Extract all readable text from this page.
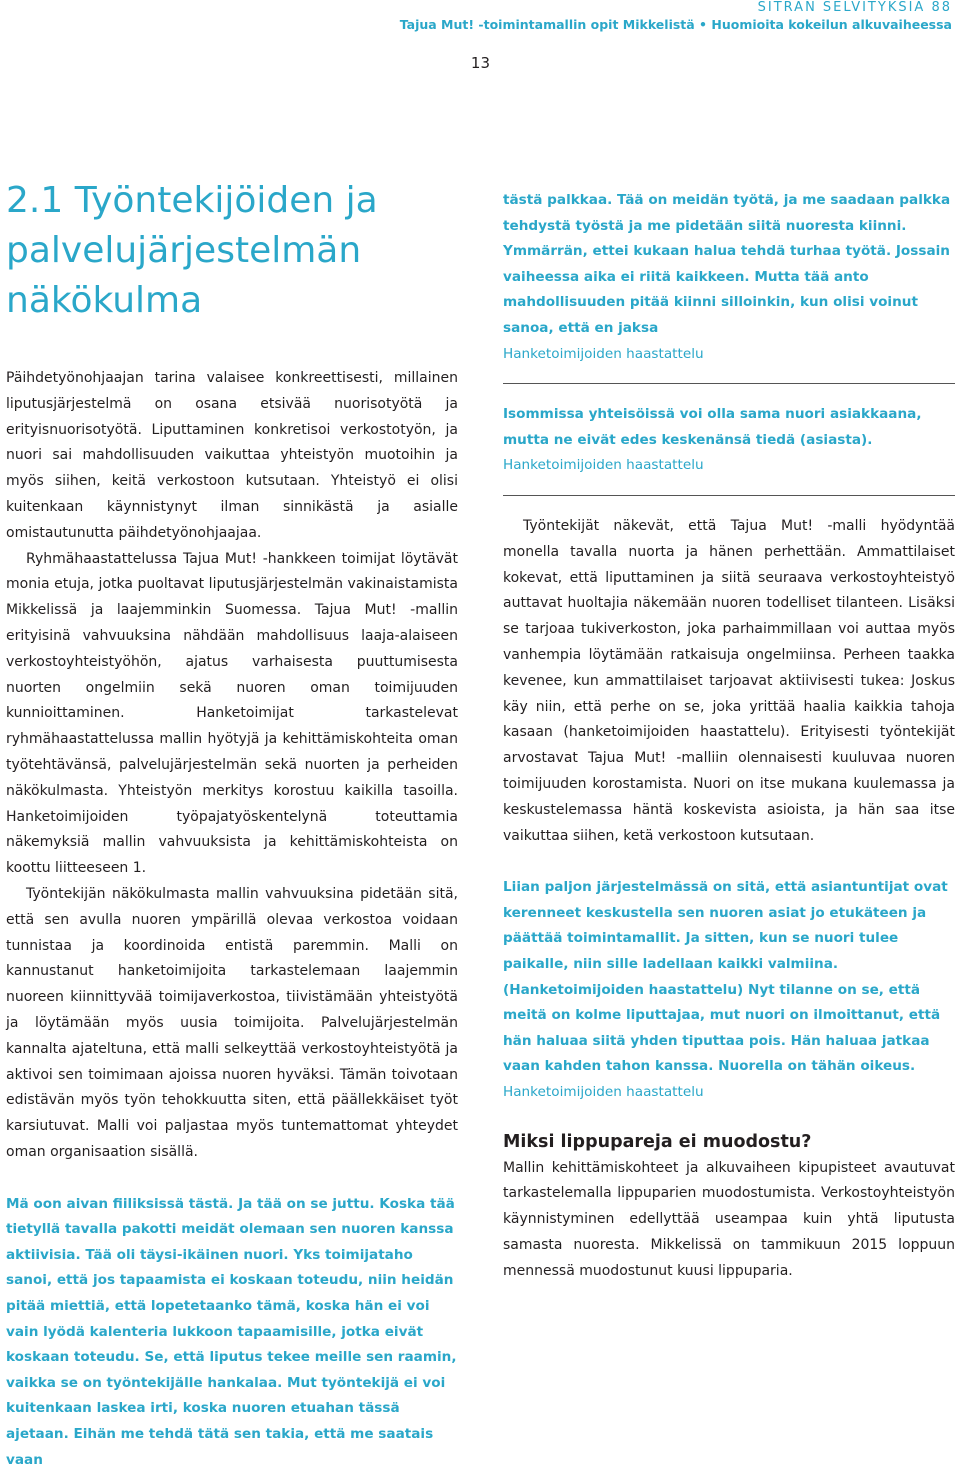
SITRAN SELVITYKSIÄ 88
Tajua Mut! -toimintamallin opit Mikkelistä • Huomioita kokeilun alkuvaiheessa
13
2.1 Työntekijöiden ja palvelujärjestelmän näkökulma

Päihdetyönohjaajan tarina valaisee konkreettisesti, millainen liputusjärjestelmä on osana etsivää nuorisotyötä ja erityisnuorisotyötä. Liputtaminen konkretisoi verkostotyön, ja nuori sai mahdollisuuden vaikuttaa yhteistyön muotoihin ja myös siihen, keitä verkostoon kutsutaan. Yhteistyö ei olisi kuitenkaan käynnistynyt ilman sinnikästä ja asialle omistautunutta päihdetyönohjaajaa.

Ryhmähaastattelussa Tajua Mut! -hankkeen toimijat löytävät monia etuja, jotka puoltavat liputusjärjestelmän vakinaistamista Mikkelissä ja laajemminkin Suomessa. Tajua Mut! -mallin erityisinä vahvuuksina nähdään mahdollisuus laaja-alaiseen verkostoyhteistyöhön, ajatus varhaisesta puuttumisesta nuorten ongelmiin sekä nuoren oman toimijuuden kunnioittaminen. Hanketoimijat tarkastelevat ryhmähaastattelussa mallin hyötyjä ja kehittämiskohteita oman työtehtävänsä, palvelujärjestelmän sekä nuorten ja perheiden näkökulmasta. Yhteistyön merkitys korostuu kaikilla tasoilla. Hanketoimijoiden työpajatyöskentelynä toteuttamia näkemyksiä mallin vahvuuksista ja kehittämiskohteista on koottu liitteeseen 1.

Työntekijän näkökulmasta mallin vahvuuksina pidetään sitä, että sen avulla nuoren ympärillä olevaa verkostoa voidaan tunnistaa ja koordinoida entistä paremmin. Malli on kannustanut hanketoimijoita tarkastelemaan laajemmin nuoreen kiinnittyvää toimijaverkostoa, tiivistämään yhteistyötä ja löytämään myös uusia toimijoita. Palvelujärjestelmän kannalta ajateltuna, että malli selkeyttää verkostoyhteistyötä ja aktivoi sen toimimaan ajoissa nuoren hyväksi. Tämän toivotaan edistävän myös työn tehokkuutta siten, että päällekkäiset työt karsiutuvat. Malli voi paljastaa myös tuntemattomat yhteydet oman organisaation sisällä.

Mä oon aivan fiiliksissä tästä. Ja tää on se juttu. Koska tää tietyllä tavalla pakotti meidät olemaan sen nuoren kanssa aktiivisia. Tää oli täysi-ikäinen nuori. Yks toimijataho sanoi, että jos tapaamista ei koskaan toteudu, niin heidän pitää miettiä, että lopetetaanko tämä, koska hän ei voi vain lyödä kalenteria lukkoon tapaamisille, jotka eivät koskaan toteudu. Se, että liputus tekee meille sen raamin, vaikka se on työntekijälle hankalaa. Mut työntekijä ei voi kuitenkaan laskea irti, koska nuoren etuahan tässä ajetaan. Eihän me tehdä tätä sen takia, että me saatais vaan

tästä palkkaa. Tää on meidän työtä, ja me saadaan palkka tehdystä työstä ja me pidetään siitä nuoresta kiinni. Ymmärrän, ettei kukaan halua tehdä turhaa työtä. Jossain vaiheessa aika ei riitä kaikkeen. Mutta tää anto mahdollisuuden pitää kiinni silloinkin, kun olisi voinut sanoa, että en jaksa

Hanketoimijoiden haastattelu

Isommissa yhteisöissä voi olla sama nuori asiakkaana, mutta ne eivät edes keskenänsä tiedä (asiasta).

Hanketoimijoiden haastattelu

Työntekijät näkevät, että Tajua Mut! -malli hyödyntää monella tavalla nuorta ja hänen perhettään. Ammattilaiset kokevat, että liputtaminen ja siitä seuraava verkostoyhteistyö auttavat huoltajia näkemään nuoren todelliset tilanteen. Lisäksi se tarjoaa tukiverkoston, joka parhaimmillaan voi auttaa myös vanhempia löytämään ratkaisuja ongelmiinsa. Perheen taakka kevenee, kun ammattilaiset tarjoavat aktiivisesti tukea: Joskus käy niin, että perhe on se, joka yrittää haalia kaikkia tahoja kasaan (hanketoimijoiden haastattelu). Erityisesti työntekijät arvostavat Tajua Mut! -malliin olennaisesti kuuluvaa nuoren toimijuuden korostamista. Nuori on itse mukana kuulemassa ja keskustelemassa häntä koskevista asioista, ja hän saa itse vaikuttaa siihen, ketä verkostoon kutsutaan.

Liian paljon järjestelmässä on sitä, että asiantuntijat ovat kerenneet keskustella sen nuoren asiat jo etukäteen ja päättää toimintamallit. Ja sitten, kun se nuori tulee paikalle, niin sille ladellaan kaikki valmiina. (Hanketoimijoiden haastattelu) Nyt tilanne on se, että meitä on kolme liputtajaa, mut nuori on ilmoittanut, että hän haluaa siitä yhden tiputtaa pois. Hän haluaa jatkaa vaan kahden tahon kanssa. Nuorella on tähän oikeus.

Hanketoimijoiden haastattelu

Miksi lippupareja ei muodostu?

Mallin kehittämiskohteet ja alkuvaiheen kipupisteet avautuvat tarkastelemalla lippuparien muodostumista. Verkostoyhteistyön käynnistyminen edellyttää useampaa kuin yhtä liputusta samasta nuoresta. Mikkelissä on tammikuun 2015 loppuun mennessä muodostunut kuusi lippuparia.
